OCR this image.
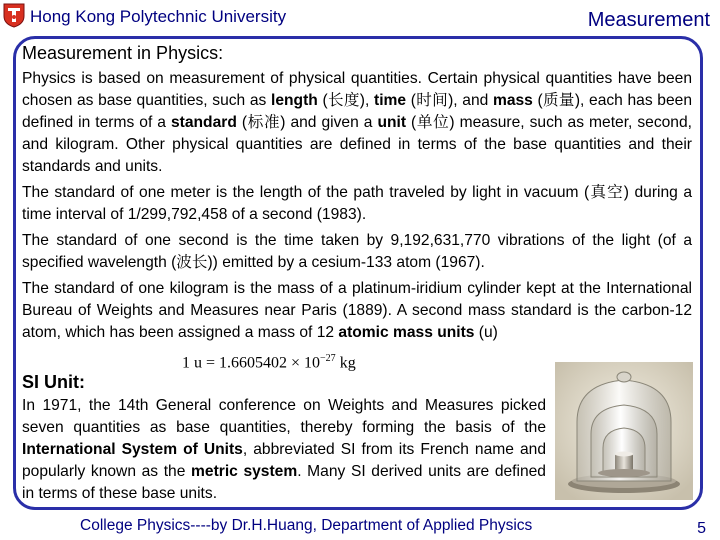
Hong Kong Polytechnic University	Measurement
Measurement in Physics:

Physics is based on measurement of physical quantities. Certain physical quantities have been chosen as base quantities, such as length (长度), time (时间), and mass (质量), each has been defined in terms of a standard (标准) and given a unit (单位) measure, such as meter, second, and kilogram. Other physical quantities are defined in terms of the base quantities and their standards and units.

The standard of one meter is the length of the path traveled by light in vacuum (真空) during a time interval of 1/299,792,458 of a second (1983).

The standard of one second is the time taken by 9,192,631,770 vibrations of the light (of a specified wavelength (波长)) emitted by a cesium-133 atom (1967).

The standard of one kilogram is the mass of a platinum-iridium cylinder kept at the International Bureau of Weights and Measures near Paris (1889). A second mass standard is the carbon-12 atom, which has been assigned a mass of 12 atomic mass units (u)

1 $u = 1.6605402 \times 10^{-27}$ kg
SI Unit:

In 1971, the 14th General conference on Weights and Measures picked seven quantities as base quantities, thereby forming the basis of the International System of Units, abbreviated SI from its French name and popularly known as the metric system. Many SI derived units are defined in terms of these base units.

College Physics----by Dr.H.Huang, Department of Applied Physics	5
